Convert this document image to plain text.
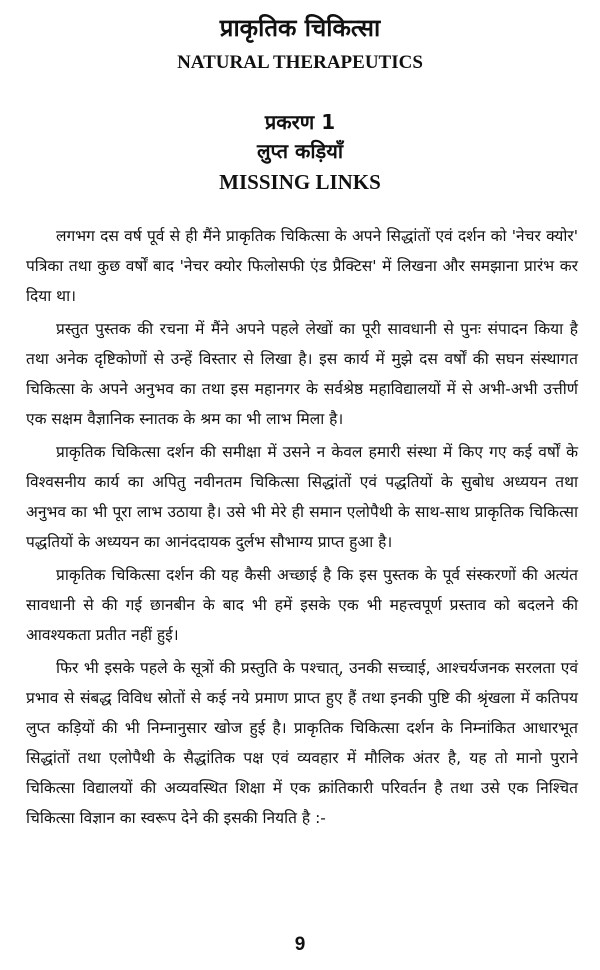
प्राकृतिक चिकित्सा
NATURAL THERAPEUTICS
प्रकरण 1
लुप्त कड़ियाँ
MISSING LINKS

लगभग दस वर्ष पूर्व से ही मैंने प्राकृतिक चिकित्सा के अपने सिद्धांतों एवं दर्शन को 'नेचर क्योर' पत्रिका तथा कुछ वर्षों बाद 'नेचर क्योर फिलोसफी एंड प्रैक्टिस' में लिखना और समझाना प्रारंभ कर दिया था।

प्रस्तुत पुस्तक की रचना में मैंने अपने पहले लेखों का पूरी सावधानी से पुनः संपादन किया है तथा अनेक दृष्टिकोणों से उन्हें विस्तार से लिखा है। इस कार्य में मुझे दस वर्षों की सघन संस्थागत चिकित्सा के अपने अनुभव का तथा इस महानगर के सर्वश्रेष्ठ महाविद्यालयों में से अभी-अभी उत्तीर्ण एक सक्षम वैज्ञानिक स्नातक के श्रम का भी लाभ मिला है।

प्राकृतिक चिकित्सा दर्शन की समीक्षा में उसने न केवल हमारी संस्था में किए गए कई वर्षों के विश्वसनीय कार्य का अपितु नवीनतम चिकित्सा सिद्धांतों एवं पद्धतियों के सुबोध अध्ययन तथा अनुभव का भी पूरा लाभ उठाया है। उसे भी मेरे ही समान एलोपैथी के साथ-साथ प्राकृतिक चिकित्सा पद्धतियों के अध्ययन का आनंददायक दुर्लभ सौभाग्य प्राप्त हुआ है।

प्राकृतिक चिकित्सा दर्शन की यह कैसी अच्छाई है कि इस पुस्तक के पूर्व संस्करणों की अत्यंत सावधानी से की गई छानबीन के बाद भी हमें इसके एक भी महत्त्वपूर्ण प्रस्ताव को बदलने की आवश्यकता प्रतीत नहीं हुई।

फिर भी इसके पहले के सूत्रों की प्रस्तुति के पश्चात्, उनकी सच्चाई, आश्चर्यजनक सरलता एवं प्रभाव से संबद्ध विविध स्रोतों से कई नये प्रमाण प्राप्त हुए हैं तथा इनकी पुष्टि की श्रृंखला में कतिपय लुप्त कड़ियों की भी निम्नानुसार खोज हुई है। प्राकृतिक चिकित्सा दर्शन के निम्नांकित आधारभूत सिद्धांतों तथा एलोपैथी के सैद्धांतिक पक्ष एवं व्यवहार में मौलिक अंतर है, यह तो मानो पुराने चिकित्सा विद्यालयों की अव्यवस्थित शिक्षा में एक क्रांतिकारी परिवर्तन है तथा उसे एक निश्चित चिकित्सा विज्ञान का स्वरूप देने की इसकी नियति है :-

9
